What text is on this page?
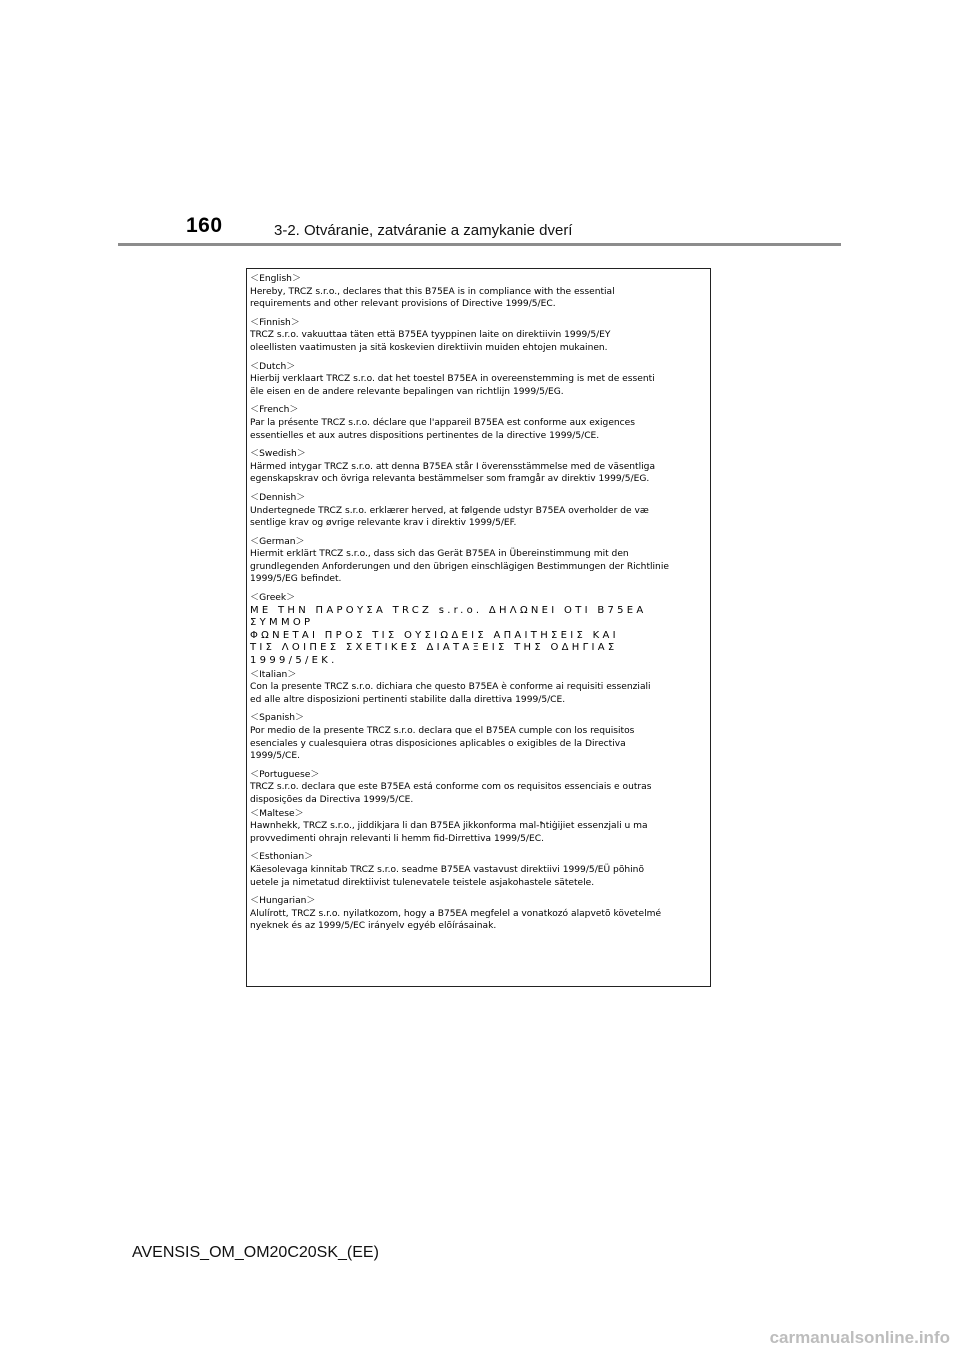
160	3-2. Otváranie, zatváranie a zamykanie dverí
＜ English ＞
Hereby, TRCZ s.r.o., declares that this B75EA is in compliance with the essential
requirements and other relevant provisions of Directive 1999/5/EC.
＜ Finnish ＞
TRCZ s.r.o. vakuuttaa täten että B75EA tyyppinen laite on direktiivin 1999/5/EY
oleellisten vaatimusten ja sitä koskevien direktiivin muiden ehtojen mukainen.
＜ Dutch ＞
Hierbij verklaart TRCZ s.r.o. dat het toestel B75EA in overeenstemming is met de essenti
ële eisen en de andere relevante bepalingen van richtlijn 1999/5/EG.
＜ French ＞
Par la présente TRCZ s.r.o. déclare que l'appareil B75EA est conforme aux exigences
essentielles et aux autres dispositions pertinentes de la directive 1999/5/CE.
＜ Swedish ＞
Härmed intygar TRCZ s.r.o. att denna B75EA står I överensstämmelse med de väsentliga
egenskapskrav och övriga relevanta bestämmelser som framgår av direktiv 1999/5/EG.
＜ Dennish ＞
Undertegnede TRCZ s.r.o. erklærer herved, at følgende udstyr B75EA overholder de væ
sentlige krav og øvrige relevante krav i direktiv 1999/5/EF.
＜ German ＞
Hiermit erklärt TRCZ s.r.o., dass sich das Gerät B75EA in Übereinstimmung mit den
grundlegenden Anforderungen und den übrigen einschlägigen Bestimmungen der Richtlinie
1999/5/EG befindet.
＜ Greek ＞
ΜΕ ΤΗΝ ΠΑΡΟΥΣΑ TRCZ s.r.o. ΔΗΛΩΝΕΙ ΟΤΙ B75EA ΣΥΜΜΟΡ
ΦΩΝΕΤΑΙ ΠΡΟΣ ΤΙΣ ΟΥΣΙΩΔΕΙΣ ΑΠΑΙΤΗΣΕΙΣ ΚΑΙ
ΤΙΣ ΛΟΙΠΕΣ ΣΧΕΤΙΚΕΣ ΔΙΑΤΑΞΕΙΣ ΤΗΣ ΟΔΗΓΙΑΣ
1999/5/EK.
＜ Italian ＞
Con la presente TRCZ s.r.o. dichiara che questo B75EA è conforme ai requisiti essenziali
ed alle altre disposizioni pertinenti stabilite dalla direttiva 1999/5/CE.
＜ Spanish ＞
Por medio de la presente TRCZ s.r.o. declara que el B75EA cumple con los requisitos
esenciales y cualesquiera otras disposiciones aplicables o exigibles de la Directiva
1999/5/CE.
＜ Portuguese ＞
TRCZ s.r.o. declara que este B75EA está conforme com os requisitos essenciais e outras
disposições da Directiva 1999/5/CE.
＜ Maltese ＞
Hawnhekk, TRCZ s.r.o., jiddikjara li dan B75EA jikkonforma mal-ħtiġijiet essenzjali u ma
provvedimenti ohrajn relevanti li hemm fid-Dirrettiva 1999/5/EC.
＜ Esthonian ＞
Käesolevaga kinnitab TRCZ s.r.o. seadme B75EA vastavust direktiivi 1999/5/EÜ põhinõ
uetele ja nimetatud direktiivist tulenevatele teistele asjakohastele sätetele.
＜ Hungarian ＞
Alulírott, TRCZ s.r.o. nyilatkozom, hogy a B75EA megfelel a vonatkozó alapvetõ követelmé
nyeknek és az 1999/5/EC irányelv egyéb elõírásainak.
AVENSIS_OM_OM20C20SK_(EE)
carmanualsonline.info
